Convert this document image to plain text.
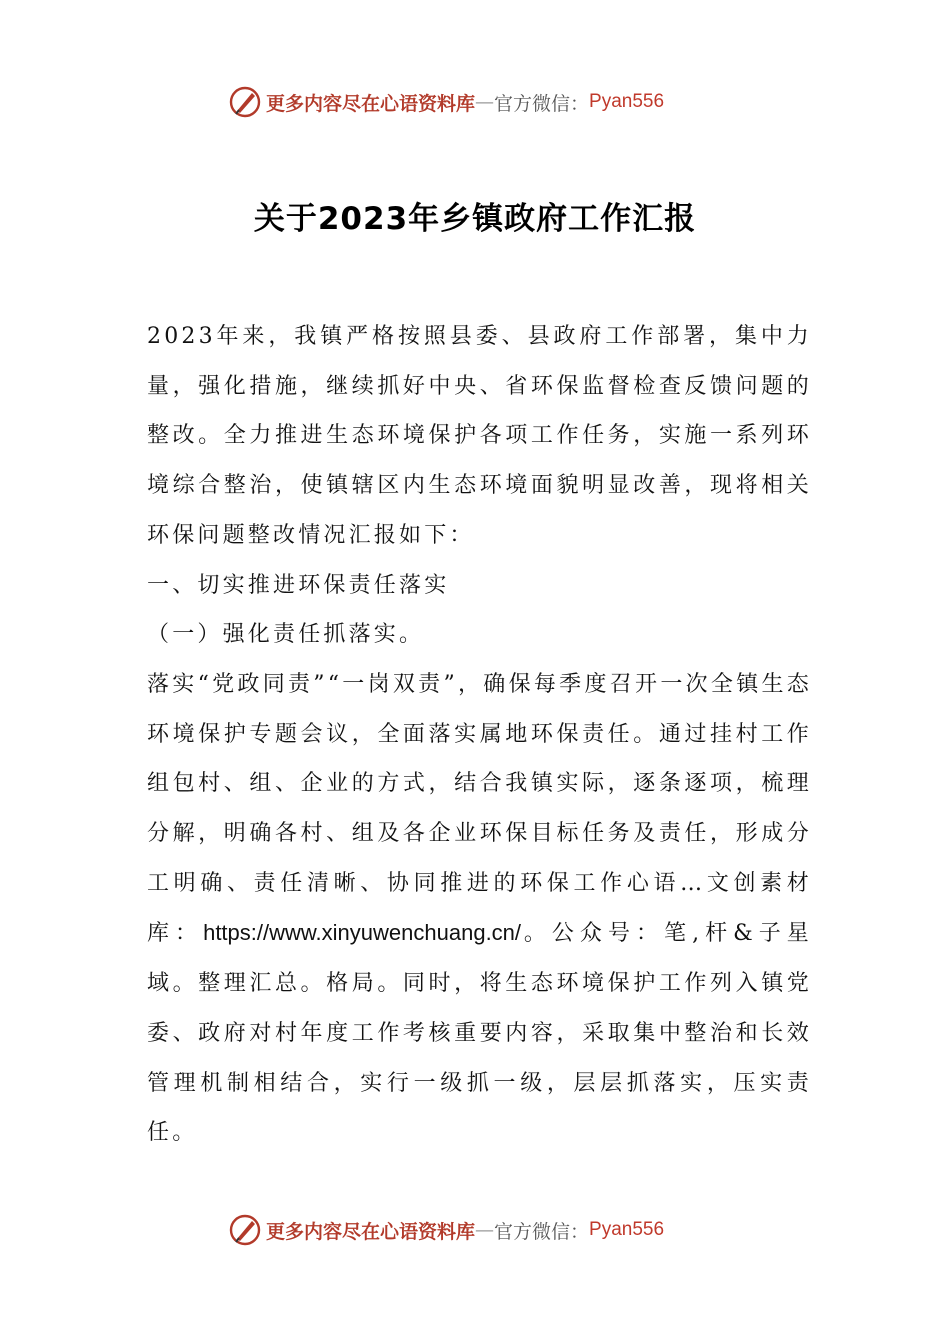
更多内容尽在心语资料库 — 官方微信： Pyan556
关于2023年乡镇政府工作汇报

2023年来，我镇严格按照县委、县政府工作部署，集中力量，强化措施，继续抓好中央、省环保监督检查反馈问题的整改。全力推进生态环境保护各项工作任务，实施一系列环境综合整治，使镇辖区内生态环境面貌明显改善，现将相关环保问题整改情况汇报如下：

一、切实推进环保责任落实

（一）强化责任抓落实。

落实“党政同责”“一岗双责”，确保每季度召开一次全镇生态环境保护专题会议，全面落实属地环保责任。通过挂村工作组包村、组、企业的方式，结合我镇实际，逐条逐项，梳理分解，明确各村、组及各企业环保目标任务及责任，形成分工明确、责任清晰、协同推进的环保工作心语…文创素材库：https://www.xinyuwenchuang.cn/。公众号：笔,杆&子星域。整理汇总。格局。同时，将生态环境保护工作列入镇党委、政府对村年度工作考核重要内容，采取集中整治和长效管理机制相结合，实行一级抓一级，层层抓落实，压实责任。

更多内容尽在心语资料库 — 官方微信： Pyan556
